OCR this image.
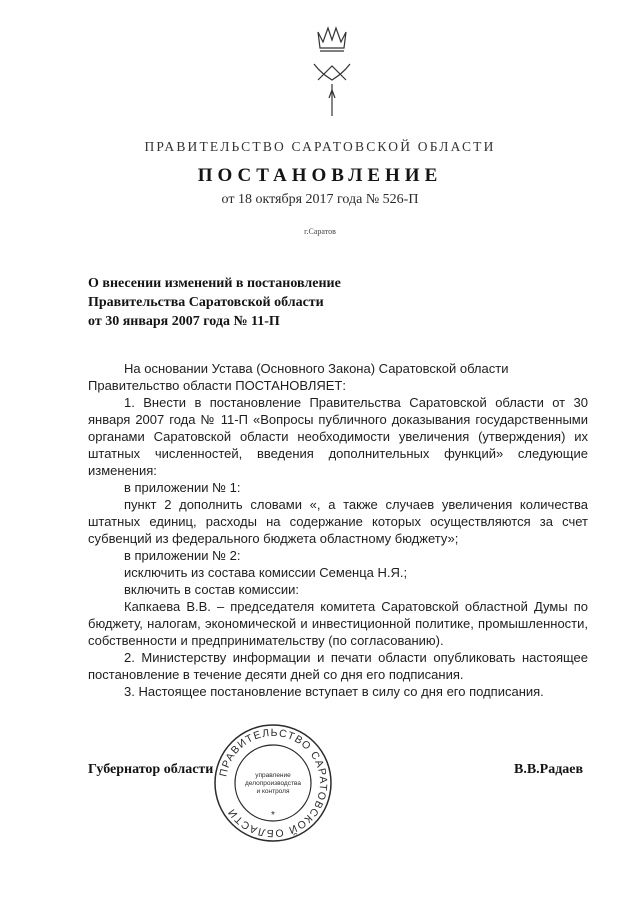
ПРАВИТЕЛЬСТВО САРАТОВСКОЙ ОБЛАСТИ
ПОСТАНОВЛЕНИЕ
от 18 октября 2017 года № 526-П
г.Саратов
О внесении изменений в постановление
Правительства Саратовской области
от 30 января 2007 года № 11-П

На основании Устава (Основного Закона) Саратовской области

Правительство области ПОСТАНОВЛЯЕТ:

1. Внести в постановление Правительства Саратовской области от 30 января 2007 года № 11-П «Вопросы публичного доказывания государственными органами Саратовской области необходимости увеличения (утверждения) их штатных численностей, введения дополнительных функций» следующие изменения:

в приложении № 1:

пункт 2 дополнить словами «, а также случаев увеличения количества штатных единиц, расходы на содержание которых осуществляются за счет субвенций из федерального бюджета областному бюджету»;

в приложении № 2:

исключить из состава комиссии Семенца Н.Я.;

включить в состав комиссии:

Капкаева В.В. – председателя комитета Саратовской областной Думы по бюджету, налогам, экономической и инвестиционной политике, промышленности, собственности и предпринимательству (по согласованию).

2. Министерству информации и печати области опубликовать настоящее постановление в течение десяти дней со дня его подписания.

3. Настоящее постановление вступает в силу со дня его подписания.

Губернатор области	В.В.Радаев
ПРАВИТЕЛЬСТВО САРАТОВСКОЙ ОБЛАСТИ
управление
делопроизводства
и контроля
*
